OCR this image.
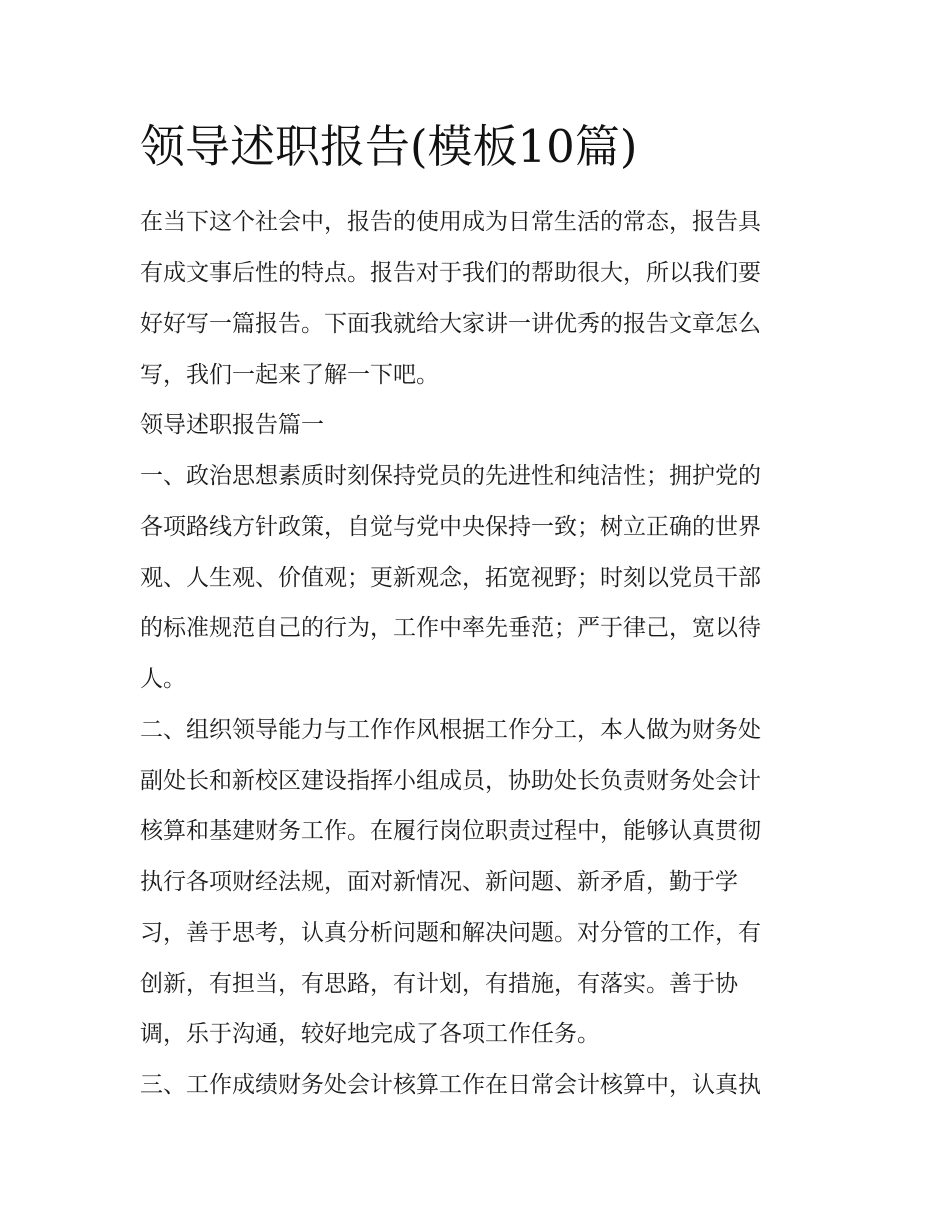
领导述职报告(模板10篇)

在当下这个社会中，报告的使用成为日常生活的常态，报告具

有成文事后性的特点。报告对于我们的帮助很大，所以我们要

好好写一篇报告。下面我就给大家讲一讲优秀的报告文章怎么

写，我们一起来了解一下吧。

领导述职报告篇一

一、政治思想素质时刻保持党员的先进性和纯洁性；拥护党的

各项路线方针政策，自觉与党中央保持一致；树立正确的世界

观、人生观、价值观；更新观念，拓宽视野；时刻以党员干部

的标准规范自己的行为，工作中率先垂范；严于律己，宽以待

人。

二、组织领导能力与工作作风根据工作分工，本人做为财务处

副处长和新校区建设指挥小组成员，协助处长负责财务处会计

核算和基建财务工作。在履行岗位职责过程中，能够认真贯彻

执行各项财经法规，面对新情况、新问题、新矛盾，勤于学

习，善于思考，认真分析问题和解决问题。对分管的工作，有

创新，有担当，有思路，有计划，有措施，有落实。善于协

调，乐于沟通，较好地完成了各项工作任务。

三、工作成绩财务处会计核算工作在日常会计核算中，认真执
